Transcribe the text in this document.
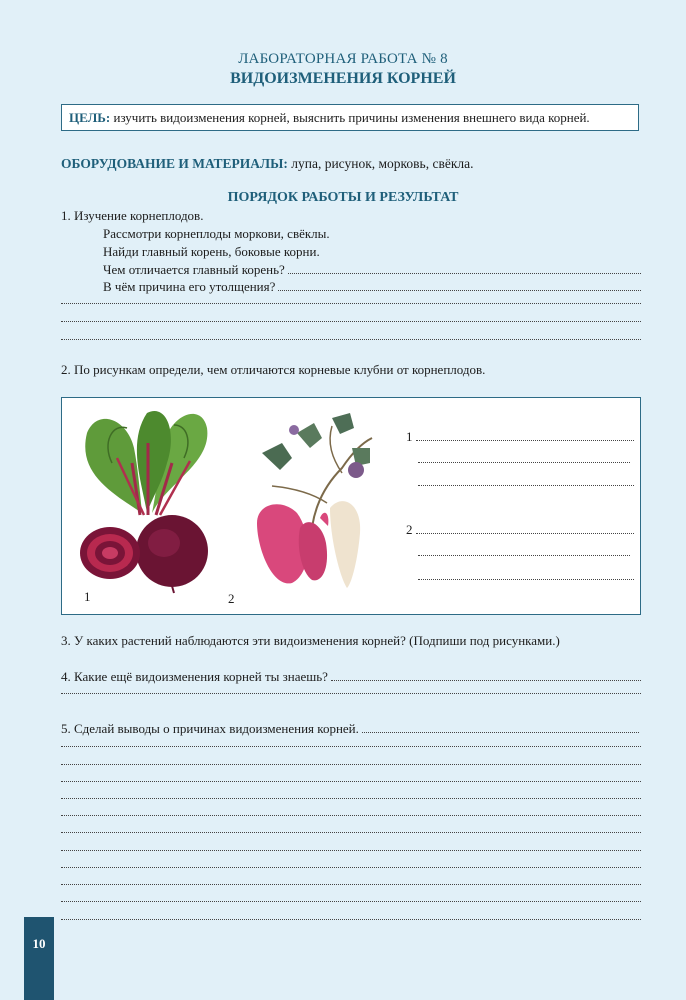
ЛАБОРАТОРНАЯ РАБОТА № 8
ВИДОИЗМЕНЕНИЯ КОРНЕЙ
ЦЕЛЬ: изучить видоизменения корней, выяснить причины изменения внешнего вида корней.
ОБОРУДОВАНИЕ И МАТЕРИАЛЫ: лупа, рисунок, морковь, свёкла.
ПОРЯДОК РАБОТЫ И РЕЗУЛЬТАТ
1. Изучение корнеплодов.
Рассмотри корнеплоды моркови, свёклы.
Найди главный корень, боковые корни.
Чем отличается главный корень?
В чём причина его утолщения?
2. По рисункам определи, чем отличаются корневые клубни от корнеплодов.
1	2
1
2
3. У каких растений наблюдаются эти видоизменения корней? (Подпиши под рисунками.)
4. Какие ещё видоизменения корней ты знаешь?
5. Сделай выводы о причинах видоизменения корней.
10
